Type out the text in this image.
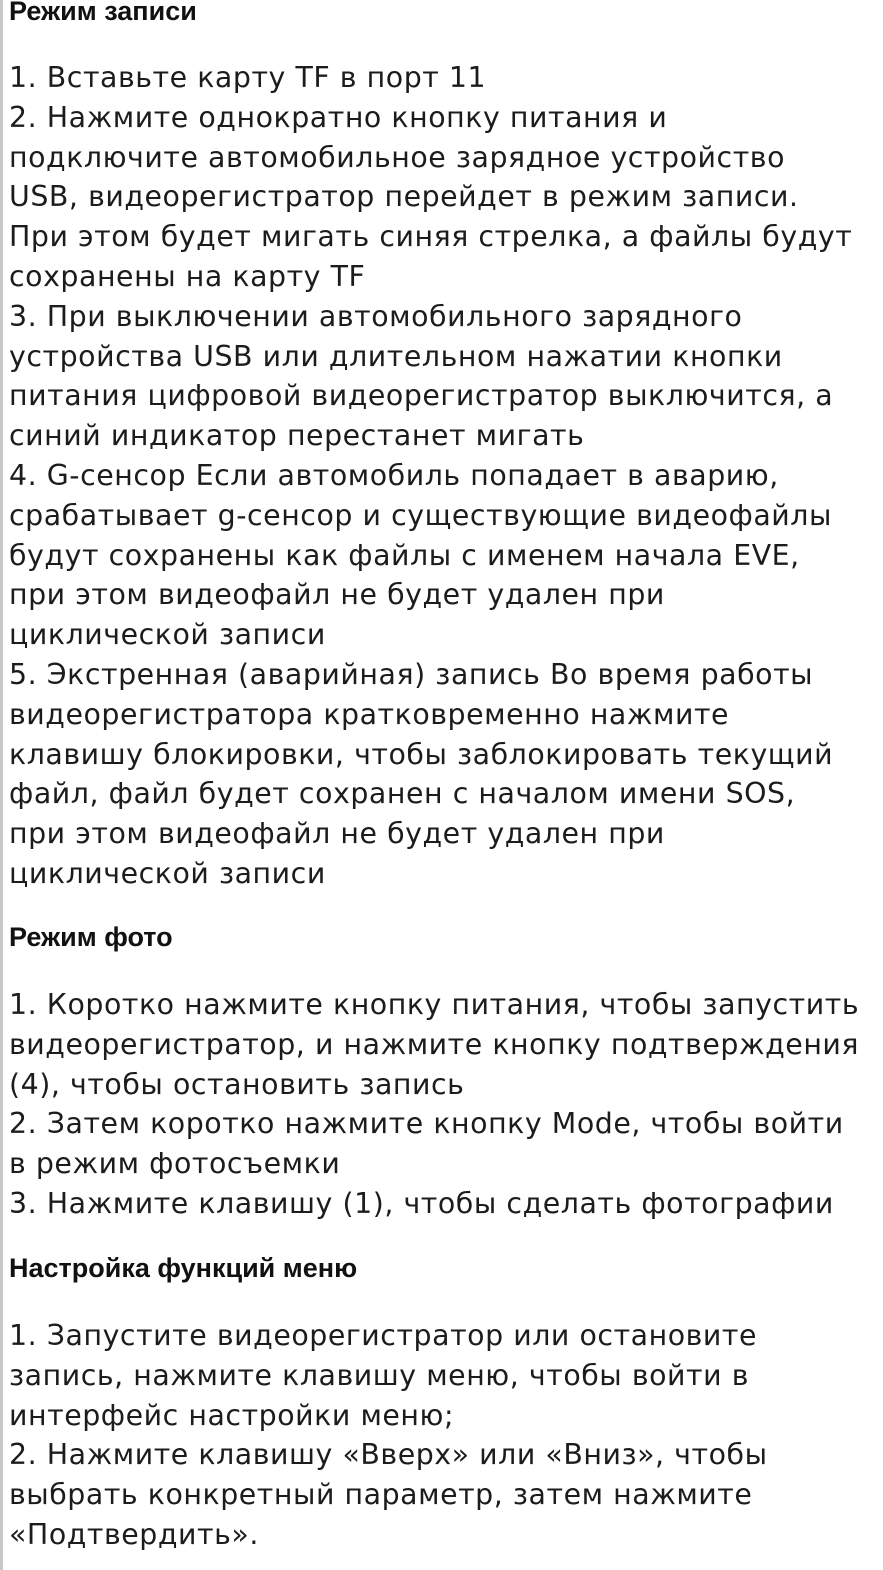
Режим записи
1. Вставьте карту TF в порт 11
2. Нажмите однократно кнопку питания и
подключите автомобильное зарядное устройство
USB, видеорегистратор перейдет в режим записи.
При этом будет мигать синяя стрелка, а файлы будут
сохранены на карту TF
3. При выключении автомобильного зарядного
устройства USB или длительном нажатии кнопки
питания цифровой видеорегистратор выключится, а
синий индикатор перестанет мигать
4. G-сенсор Если автомобиль попадает в аварию,
срабатывает g-сенсор и существующие видеофайлы
будут сохранены как файлы с именем начала EVE,
при этом видеофайл не будет удален при
циклической записи
5. Экстренная (аварийная) запись Во время работы
видеорегистратора кратковременно нажмите
клавишу блокировки, чтобы заблокировать текущий
файл, файл будет сохранен с началом имени SOS,
при этом видеофайл не будет удален при
циклической записи
Режим фото
1. Коротко нажмите кнопку питания, чтобы запустить
видеорегистратор, и нажмите кнопку подтверждения
(4), чтобы остановить запись
2. Затем коротко нажмите кнопку Mode, чтобы войти
в режим фотосъемки
3. Нажмите клавишу (1), чтобы сделать фотографии
Настройка функций меню
1. Запустите видеорегистратор или остановите
запись, нажмите клавишу меню, чтобы войти в
интерфейс настройки меню;
2. Нажмите клавишу «Вверх» или «Вниз», чтобы
выбрать конкретный параметр, затем нажмите
«Подтвердить».
